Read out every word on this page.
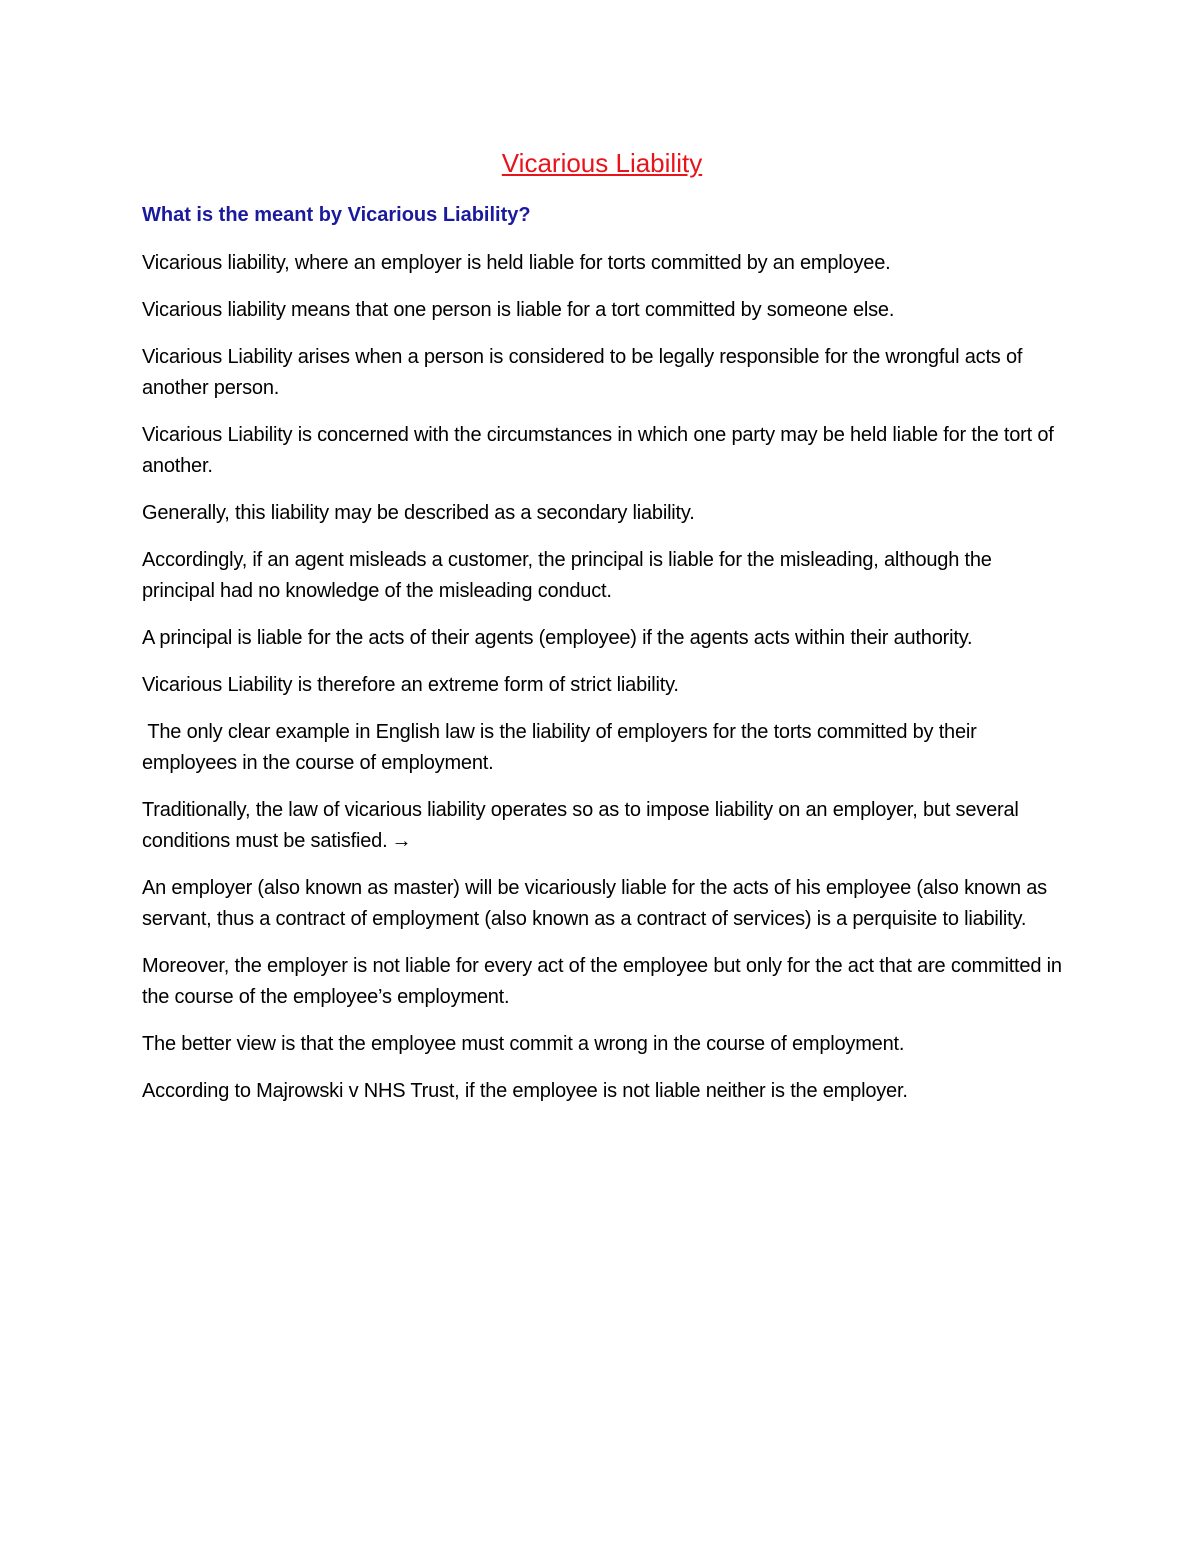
Vicarious Liability
What is the meant by Vicarious Liability?

Vicarious liability, where an employer is held liable for torts committed by an employee.

Vicarious liability means that one person is liable for a tort committed by someone else.

Vicarious Liability arises when a person is considered to be legally responsible for the wrongful acts of another person.

Vicarious Liability is concerned with the circumstances in which one party may be held liable for the tort of another.

Generally, this liability may be described as a secondary liability.

Accordingly, if an agent misleads a customer, the principal is liable for the misleading, although the principal had no knowledge of the misleading conduct.

A principal is liable for the acts of their agents (employee) if the agents acts within their authority.

Vicarious Liability is therefore an extreme form of strict liability.

The only clear example in English law is the liability of employers for the torts committed by their employees in the course of employment.

Traditionally, the law of vicarious liability operates so as to impose liability on an employer, but several conditions must be satisfied. →

An employer (also known as master) will be vicariously liable for the acts of his employee (also known as servant, thus a contract of employment (also known as a contract of services) is a perquisite to liability.

Moreover, the employer is not liable for every act of the employee but only for the act that are committed in the course of the employee’s employment.

The better view is that the employee must commit a wrong in the course of employment.

According to Majrowski v NHS Trust, if the employee is not liable neither is the employer.
